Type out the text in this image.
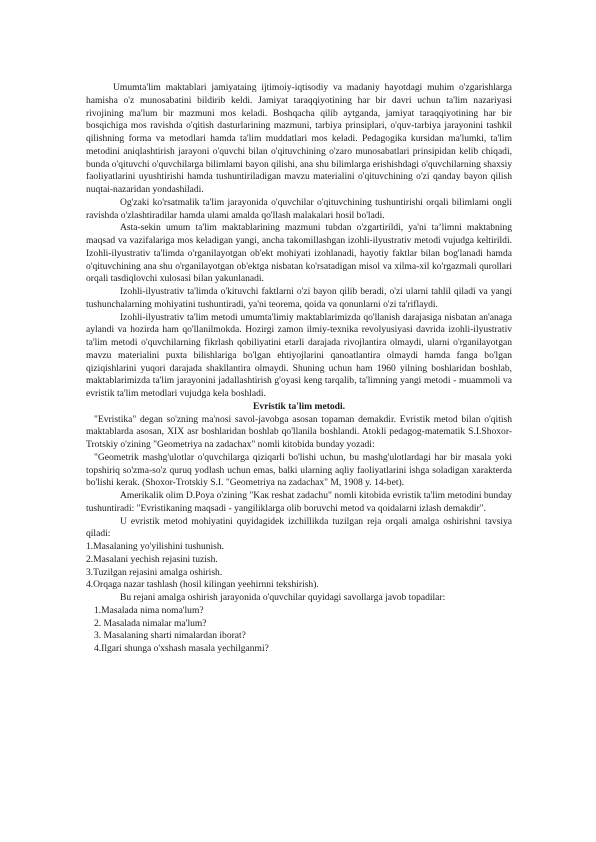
Umumta'lim maktablari jamiyataing ijtimoiy-iqtisodiy va madaniy hayotdagi muhim o'zgarishlarga hamisha o'z munosabatini bildirib keldi. Jamiyat taraqqiyotining har bir davri uchun ta'lim nazariyasi rivojining ma'lum bir mazmuni mos keladi. Boshqacha qilib aytganda, jamiyat taraqqiyotining har bir bosqichiga mos ravishda o'qitish dasturlarining mazmuni, tarbiya prinsiplari, o'quv-tarbiya jarayonini tashkil qilishning forma va metodlari hamda ta'lim muddatlari mos keladi. Pedagogika kursidan ma'lumki, ta'lim metodini aniqlashtirish jarayoni o'quvchi bilan o'qituvchining o'zaro munosabatlari prinsipidan kelib chiqadi, bunda o'qituvchi o'quvchilarga bilimlami bayon qilishi, ana shu bilimlarga erishishdagi o'quvchilarning shaxsiy faoliyatlarini uyushtirishi hamda tushuntiriladigan mavzu materialini o'qituvchining o'zi qanday bayon qilish nuqtai-nazaridan yondashiladi.

Og'zaki ko'rsatmalik ta'lim jarayonida o'quvchilar o'qituvchining tushuntirishi orqali bilimlami ongli ravishda o'zlashtiradilar hamda ulami amalda qo'llash malakalari hosil bo'ladi.

Asta-sekin umum ta'lim maktablarining mazmuni tubdan o'zgartirildi, ya'ni ta’limni maktabning maqsad va vazifalariga mos keladigan yangi, ancha takomillashgan izohli-ilyustrativ metodi vujudga keltirildi. Izohli-ilyustrativ ta'limda o'rganilayotgan ob'ekt mohiyati izohlanadi, hayotiy faktlar bilan bog'lanadi hamda o'qituvchining ana shu o'rganilayotgan ob'ektga nisbatan ko'rsatadigan misol va xilma-xil ko'rgazmali qurollari orqali tasdiqlovchi xulosasi bilan yakunlanadi.

Izohli-ilyustrativ ta'limda o'kituvchi faktlarni o'zi bayon qilib beradi, o'zi ularni tahlil qiladi va yangi tushunchalarning mohiyatini tushuntiradi, ya'ni teorema, qoida va qonunlarni o'zi ta'riflaydi.

Izohli-ilyustrativ ta'lim metodi umumta'limiy maktablarimizda qo'llanish darajasiga nisbatan an'anaga aylandi va hozirda ham qo'llanilmokda. Hozirgi zamon ilmiy-texnika revolyusiyasi davrida izohli-ilyustrativ ta'lim metodi o'quvchilarning fikrlash qobiliyatini etarli darajada rivojlantira olmaydi, ularni o'rganilayotgan mavzu materialini puxta bilishlariga bo'lgan ehtiyojlarini qanoatlantira olmaydi hamda fanga bo'lgan qiziqishlarini yuqori darajada shakllantira olmaydi. Shuning uchun ham 1960 yilning boshlaridan boshlab, maktablarimizda ta'lim jarayonini jadallashtirish g'oyasi keng tarqalib, ta'limning yangi metodi - muammoli va evristik ta'lim metodlari vujudga kela boshladi.

Evristik ta'lim metodi.

"Evristika" degan so'zning ma'nosi savol-javobga asosan topaman demakdir. Evristik metod bilan o'qitish maktablarda asosan, XIX asr boshlaridan boshlab qo'llanila boshlandi. Atokli pedagog-matematik S.I.Shoxor-Trotskiy o'zining "Geometriya na zadachax" nomli kitobida bunday yozadi:

"Geometrik mashg'ulotlar o'quvchilarga qiziqarli bo'lishi uchun, bu mashg'ulotlardagi har bir masala yoki topshiriq so'zma-so'z quruq yodlash uchun emas, balki ularning aqliy faoliyatlarini ishga soladigan xarakterda bo'lishi kerak. (Shoxor-Trotskiy S.I. "Geometriya na zadachax" M, 1908 y. 14-bet).

Amerikalik olim D.Poya o'zining "Kак reshat zadachu" nomli kitobida evristik ta'lim metodini bunday tushuntiradi: "Evristikaning maqsadi - yangiliklarga olib boruvchi metod va qoidalarni izlash demakdir".

U evristik metod mohiyatini quyidagidek izchillikda tuzilgan reja orqali amalga oshirishni tavsiya qiladi:

1.Masalaning yo'yilishini tushunish.

2.Masalani yechish rejasini tuzish.

3.Tuzilgan rejasini amalga oshirish.

4.Orqaga nazar tashlash (hosil kilingan yeehirnni tekshirish).

Bu rejani amalga oshirish jarayonida o'quvchilar quyidagi savollarga javob topadilar:

1.Masalada nima noma'lum?

2. Masalada nimalar ma'lum?

3. Masalaning sharti nimalardan iborat?

4.Ilgari shunga o'xshash masala yechilganmi?
